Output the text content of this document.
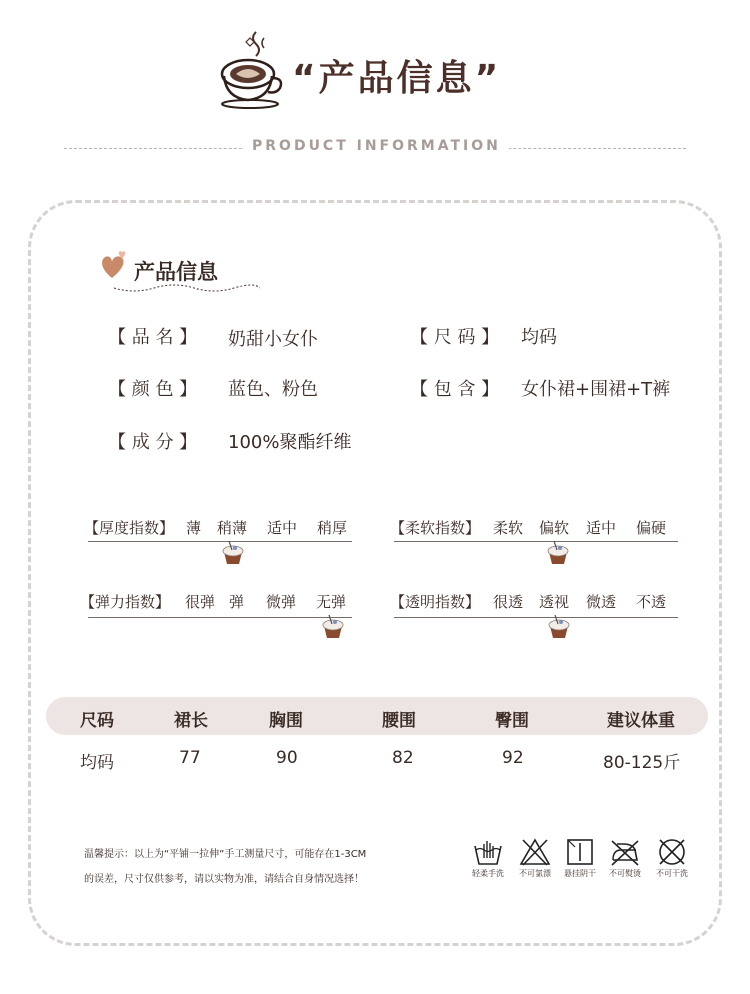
“产品信息”
PRODUCT INFORMATION
产品信息
【 品 名 】 奶甜小女仆	【 尺 码 】 均码
【 颜 色 】 蓝色、粉色	【 包 含 】 女仆裙+围裙+T裤
【 成 分 】 100%聚酯纤维
【厚度指数】 薄 稍薄 适中 稍厚	【柔软指数】 柔软 偏软 适中 偏硬
【弹力指数】 很弹 弹 微弹 无弹	【透明指数】 很透 透视 微透 不透
尺码	裙长	胸围	腰围	臀围	建议体重
均码	77	90	82	92	80-125斤
温馨提示：以上为“平铺一拉伸”手工测量尺寸，可能存在1-3CM
的误差，尺寸仅供参考，请以实物为准，请结合自身情况选择！
轻柔手洗	不可氯漂	悬挂阴干	不可熨烫	不可干洗
